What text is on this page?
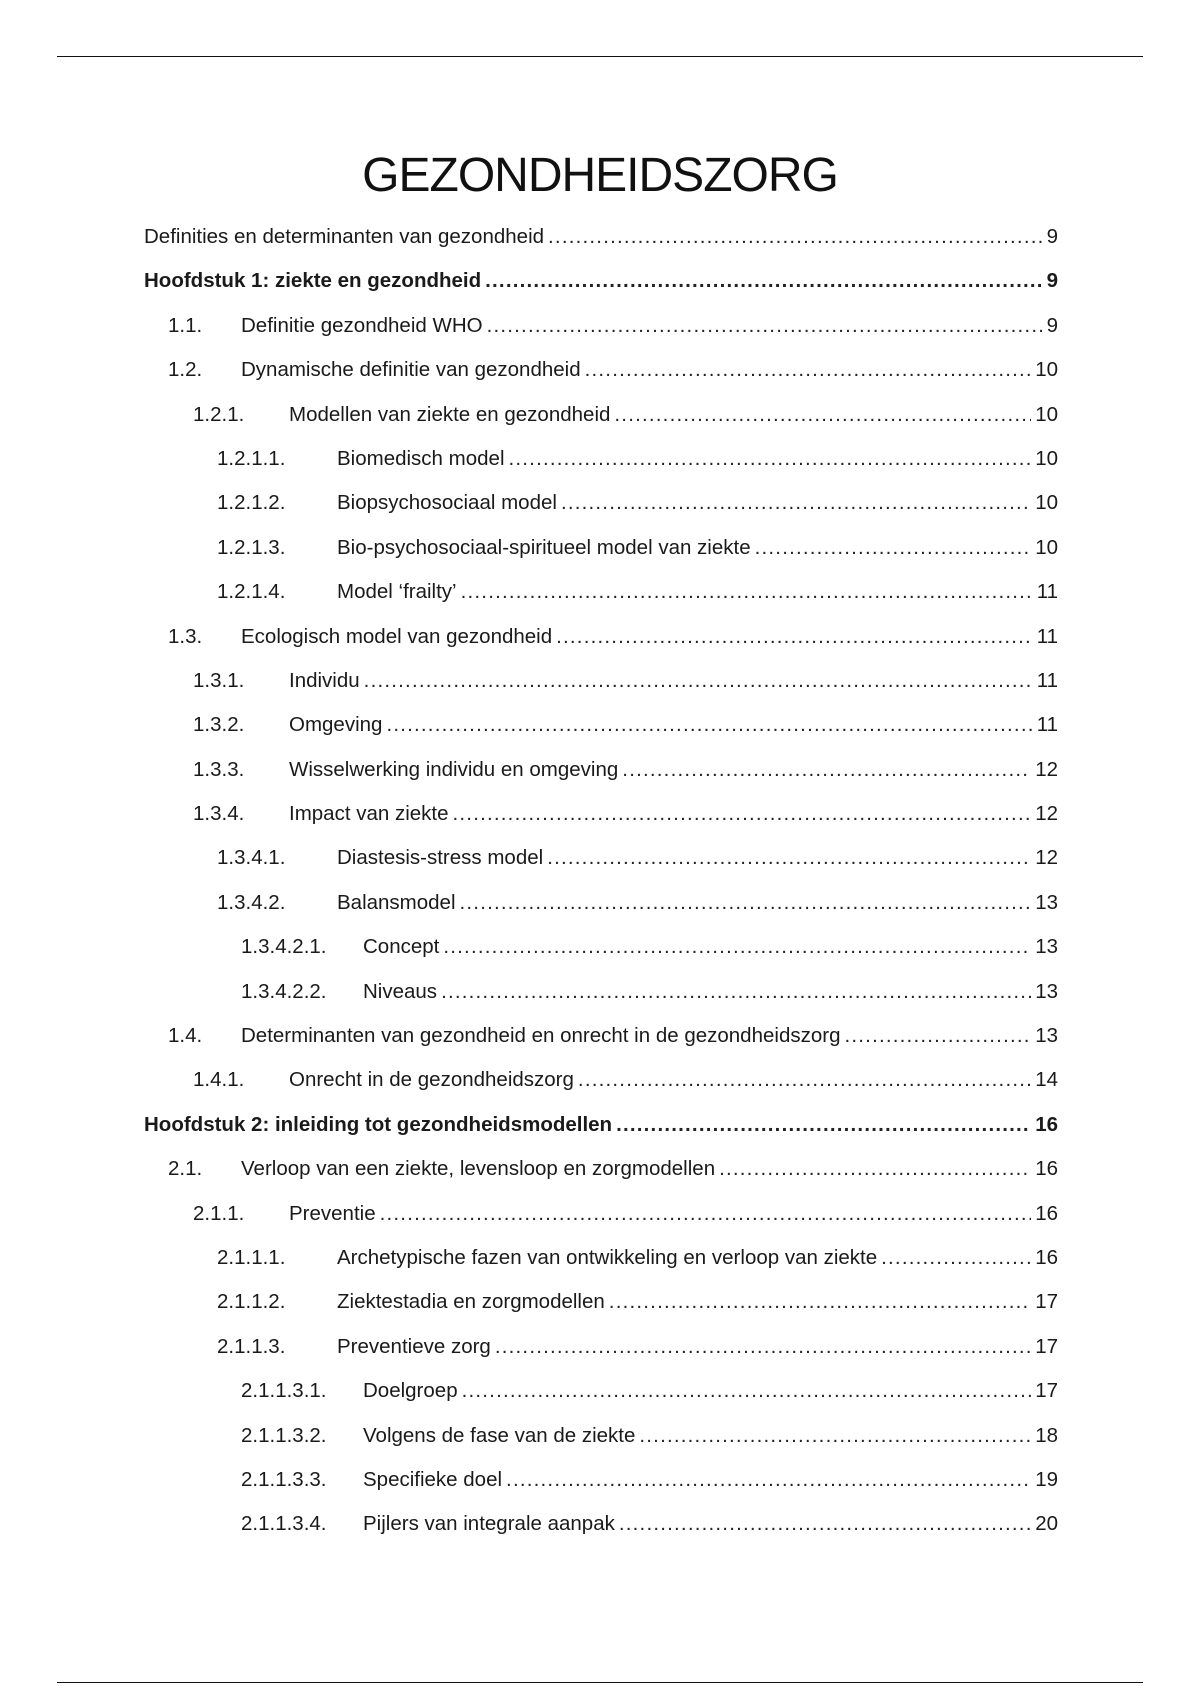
GEZONDHEIDSZORG
Definities en determinanten van gezondheid .....	9
Hoofdstuk 1: ziekte en gezondheid .....	9
1.1.	Definitie gezondheid WHO .....	9
1.2.	Dynamische definitie van gezondheid .....	10
1.2.1.	Modellen van ziekte en gezondheid .....	10
1.2.1.1.	Biomedisch model .....	10
1.2.1.2.	Biopsychosociaal model .....	10
1.2.1.3.	Bio-psychosociaal-spiritueel model van ziekte .....	10
1.2.1.4.	Model ‘frailty’ .....	11
1.3.	Ecologisch model van gezondheid .....	11
1.3.1.	Individu .....	11
1.3.2.	Omgeving .....	11
1.3.3.	Wisselwerking individu en omgeving .....	12
1.3.4.	Impact van ziekte .....	12
1.3.4.1.	Diastesis-stress model .....	12
1.3.4.2.	Balansmodel .....	13
1.3.4.2.1.	Concept .....	13
1.3.4.2.2.	Niveaus .....	13
1.4.	Determinanten van gezondheid en onrecht in de gezondheidszorg .....	13
1.4.1.	Onrecht in de gezondheidszorg .....	14
Hoofdstuk 2: inleiding tot gezondheidsmodellen .....	16
2.1.	Verloop van een ziekte, levensloop en zorgmodellen .....	16
2.1.1.	Preventie .....	16
2.1.1.1.	Archetypische fazen van ontwikkeling en verloop van ziekte .....	16
2.1.1.2.	Ziektestadia en zorgmodellen .....	17
2.1.1.3.	Preventieve zorg .....	17
2.1.1.3.1.	Doelgroep .....	17
2.1.1.3.2.	Volgens de fase van de ziekte .....	18
2.1.1.3.3.	Specifieke doel .....	19
2.1.1.3.4.	Pijlers van integrale aanpak .....	20
